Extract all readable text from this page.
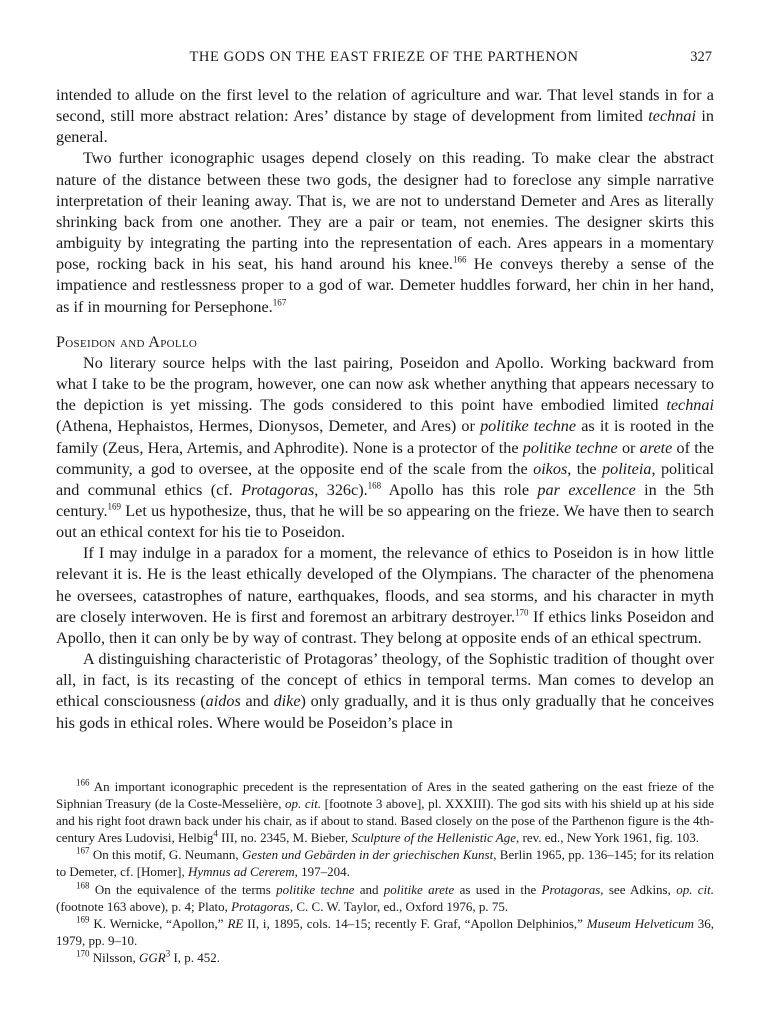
THE GODS ON THE EAST FRIEZE OF THE PARTHENON	327

intended to allude on the first level to the relation of agriculture and war. That level stands in for a second, still more abstract relation: Ares’ distance by stage of development from limited technai in general.

Two further iconographic usages depend closely on this reading. To make clear the abstract nature of the distance between these two gods, the designer had to foreclose any simple narrative interpretation of their leaning away. That is, we are not to understand Demeter and Ares as literally shrinking back from one another. They are a pair or team, not enemies. The designer skirts this ambiguity by integrating the parting into the representation of each. Ares appears in a momentary pose, rocking back in his seat, his hand around his knee.$^{166}$ He conveys thereby a sense of the impatience and restlessness proper to a god of war. Demeter huddles forward, her chin in her hand, as if in mourning for Persephone.$^{167}$

Poseidon and Apollo

No literary source helps with the last pairing, Poseidon and Apollo. Working backward from what I take to be the program, however, one can now ask whether anything that appears necessary to the depiction is yet missing. The gods considered to this point have embodied limited technai (Athena, Hephaistos, Hermes, Dionysos, Demeter, and Ares) or politike techne as it is rooted in the family (Zeus, Hera, Artemis, and Aphrodite). None is a protector of the politike techne or arete of the community, a god to oversee, at the opposite end of the scale from the oikos, the politeia, political and communal ethics (cf. Protagoras, 326c).$^{168}$ Apollo has this role par excellence in the 5th century.$^{169}$ Let us hypothesize, thus, that he will be so appearing on the frieze. We have then to search out an ethical context for his tie to Poseidon.

If I may indulge in a paradox for a moment, the relevance of ethics to Poseidon is in how little relevant it is. He is the least ethically developed of the Olympians. The character of the phenomena he oversees, catastrophes of nature, earthquakes, floods, and sea storms, and his character in myth are closely interwoven. He is first and foremost an arbitrary destroyer.$^{170}$ If ethics links Poseidon and Apollo, then it can only be by way of contrast. They belong at opposite ends of an ethical spectrum.

A distinguishing characteristic of Protagoras’ theology, of the Sophistic tradition of thought over all, in fact, is its recasting of the concept of ethics in temporal terms. Man comes to develop an ethical consciousness (aidos and dike) only gradually, and it is thus only gradually that he conceives his gods in ethical roles. Where would be Poseidon’s place in

$^{166}$ An important iconographic precedent is the representation of Ares in the seated gathering on the east frieze of the Siphnian Treasury (de la Coste-Messelière, op. cit. [footnote 3 above], pl. XXXIII). The god sits with his shield up at his side and his right foot drawn back under his chair, as if about to stand. Based closely on the pose of the Parthenon figure is the 4th-century Ares Ludovisi, Helbig$^4$ III, no. 2345, M. Bieber, Sculpture of the Hellenistic Age, rev. ed., New York 1961, fig. 103.

$^{167}$ On this motif, G. Neumann, Gesten und Gebärden in der griechischen Kunst, Berlin 1965, pp. 136–145; for its relation to Demeter, cf. [Homer], Hymnus ad Cererem, 197–204.

$^{168}$ On the equivalence of the terms politike techne and politike arete as used in the Protagoras, see Adkins, op. cit. (footnote 163 above), p. 4; Plato, Protagoras, C. C. W. Taylor, ed., Oxford 1976, p. 75.

$^{169}$ K. Wernicke, “Apollon,” RE II, i, 1895, cols. 14–15; recently F. Graf, “Apollon Delphinios,” Museum Helveticum 36, 1979, pp. 9–10.

$^{170}$ Nilsson, GGR$^3$ I, p. 452.
